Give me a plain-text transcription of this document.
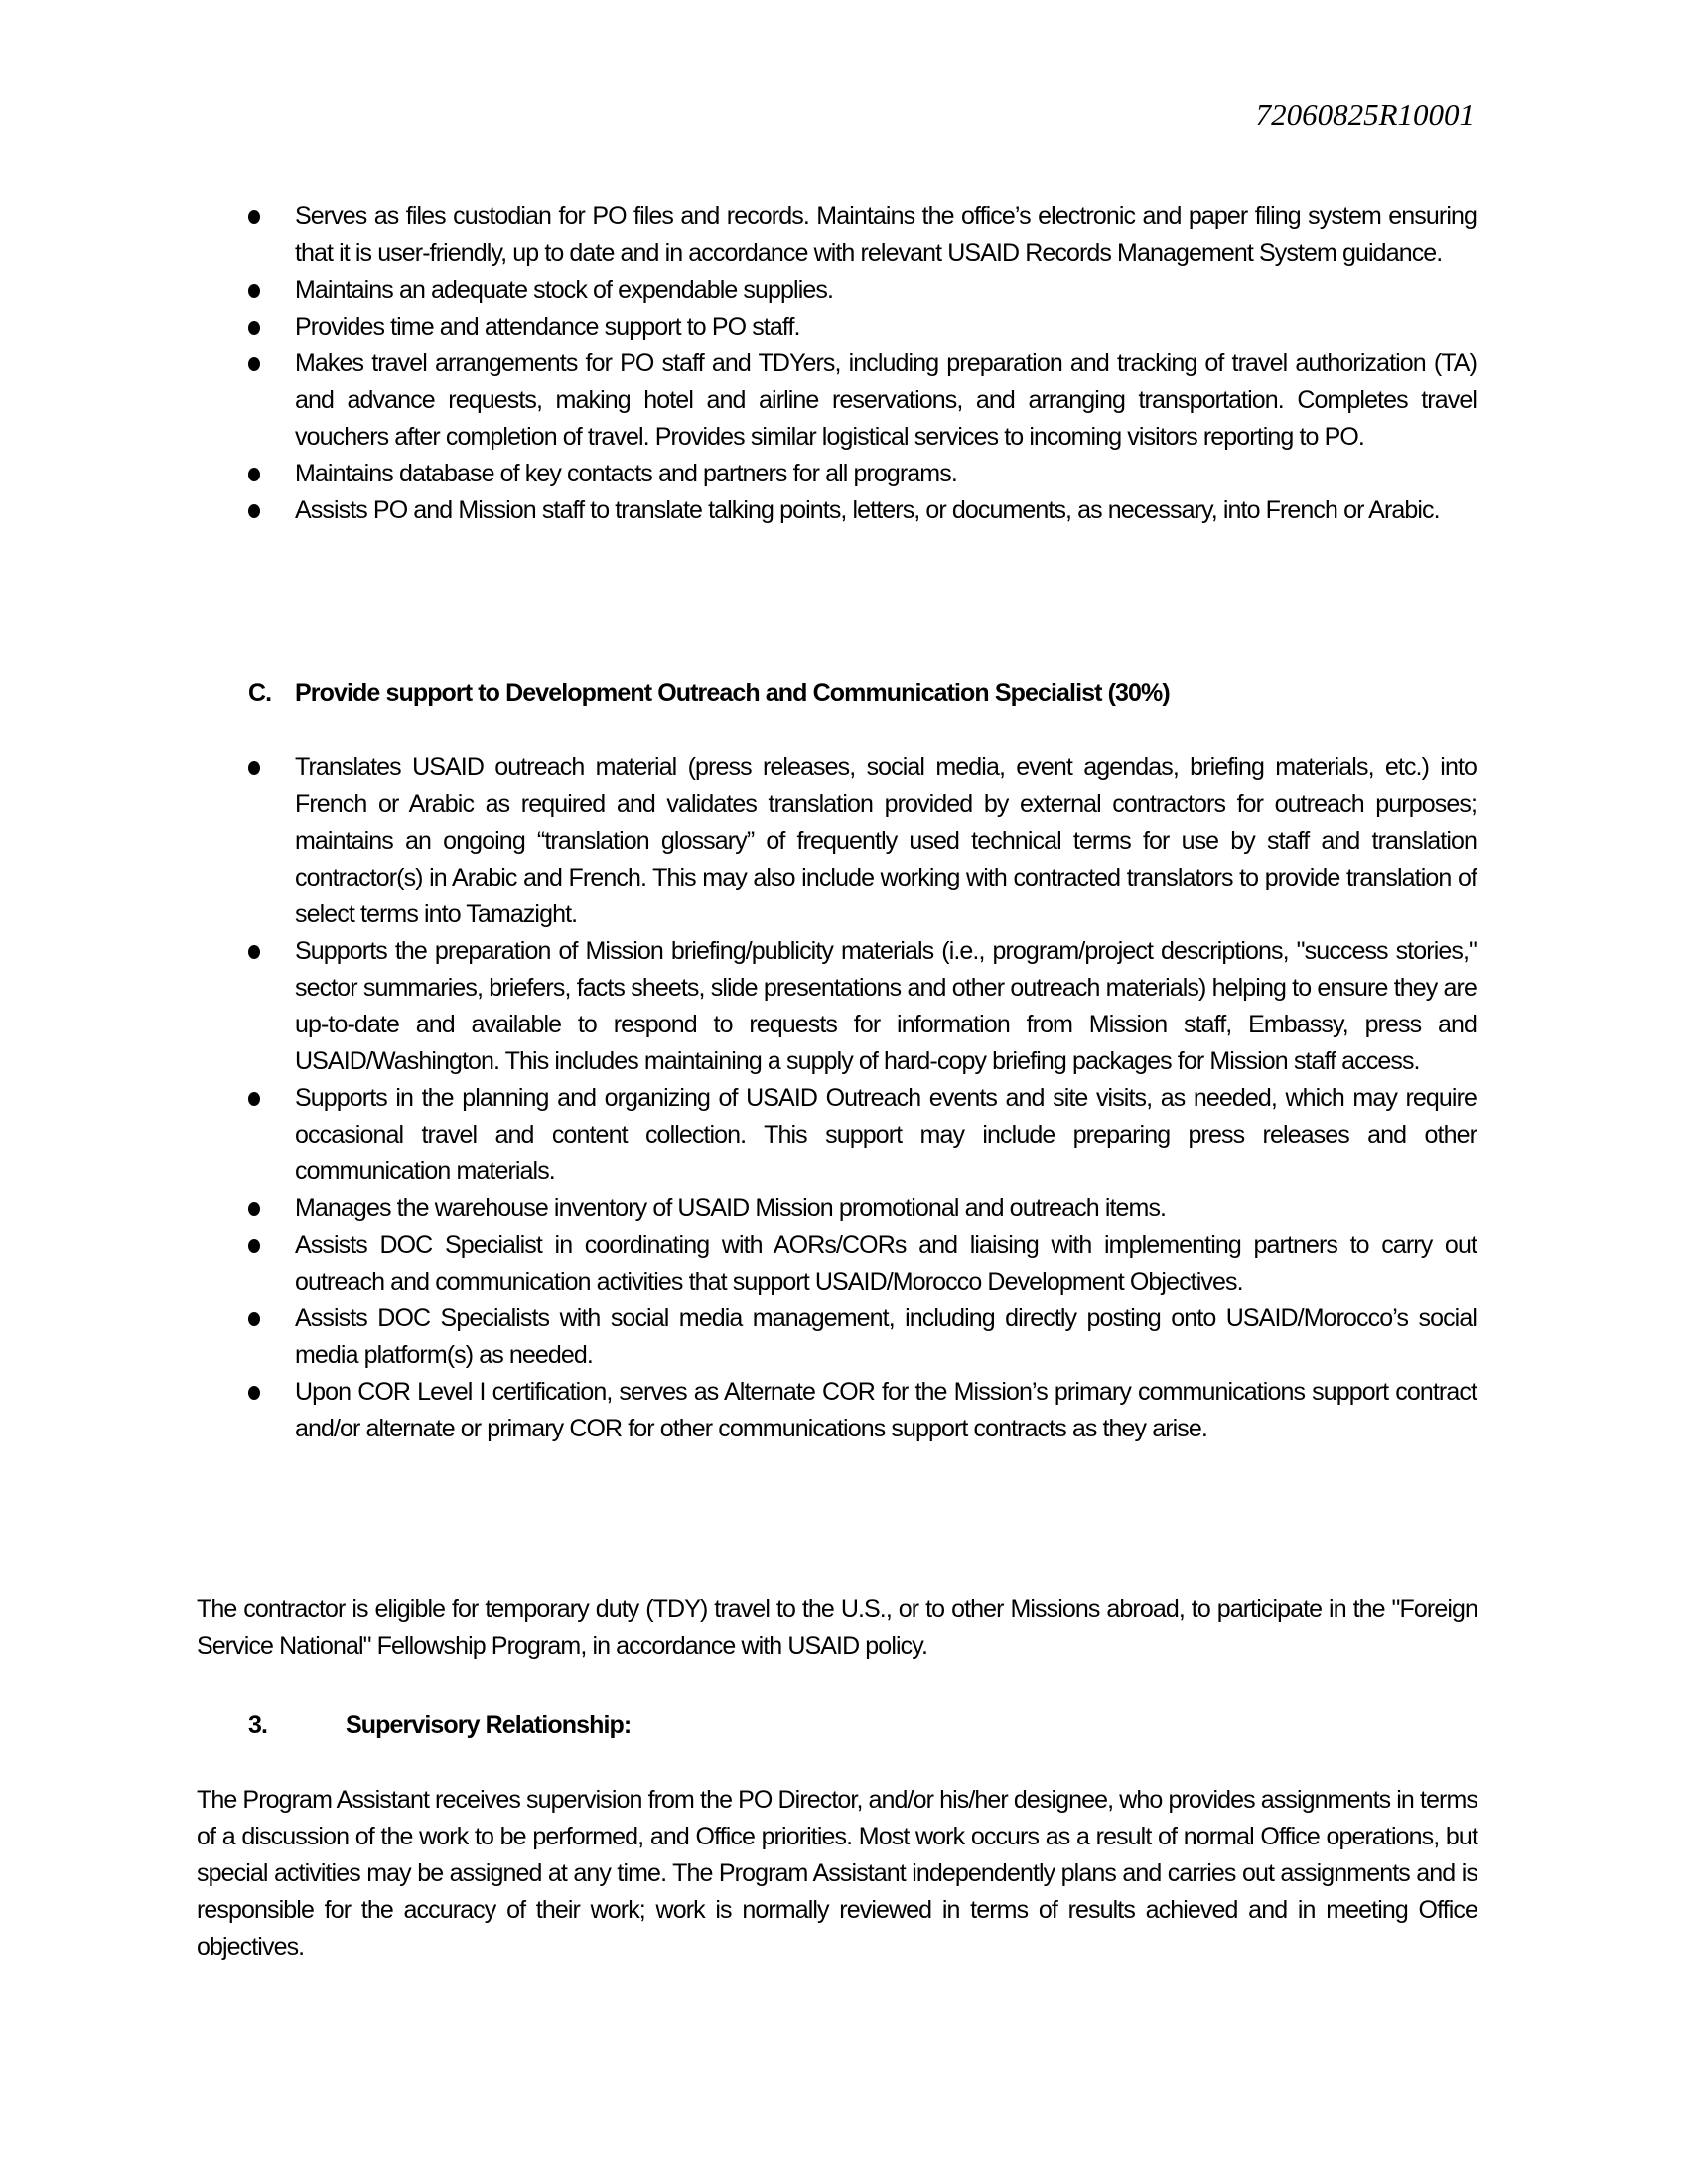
72060825R10001
Serves as files custodian for PO files and records. Maintains the office’s electronic and paper filing system ensuring that it is user-friendly, up to date and in accordance with relevant USAID Records Management System guidance.
Maintains an adequate stock of expendable supplies.
Provides time and attendance support to PO staff.
Makes travel arrangements for PO staff and TDYers, including preparation and tracking of travel authorization (TA) and advance requests, making hotel and airline reservations, and arranging transportation. Completes travel vouchers after completion of travel. Provides similar logistical services to incoming visitors reporting to PO.
Maintains database of key contacts and partners for all programs.
Assists PO and Mission staff to translate talking points, letters, or documents, as necessary, into French or Arabic.
C. Provide support to Development Outreach and Communication Specialist (30%)
Translates USAID outreach material (press releases, social media, event agendas, briefing materials, etc.) into French or Arabic as required and validates translation provided by external contractors for outreach purposes; maintains an ongoing “translation glossary” of frequently used technical terms for use by staff and translation contractor(s) in Arabic and French. This may also include working with contracted translators to provide translation of select terms into Tamazight.
Supports the preparation of Mission briefing/publicity materials (i.e., program/project descriptions, "success stories," sector summaries, briefers, facts sheets, slide presentations and other outreach materials) helping to ensure they are up-to-date and available to respond to requests for information from Mission staff, Embassy, press and USAID/Washington. This includes maintaining a supply of hard-copy briefing packages for Mission staff access.
Supports in the planning and organizing of USAID Outreach events and site visits, as needed, which may require occasional travel and content collection. This support may include preparing press releases and other communication materials.
Manages the warehouse inventory of USAID Mission promotional and outreach items.
Assists DOC Specialist in coordinating with AORs/CORs and liaising with implementing partners to carry out outreach and communication activities that support USAID/Morocco Development Objectives.
Assists DOC Specialists with social media management, including directly posting onto USAID/Morocco’s social media platform(s) as needed.
Upon COR Level I certification, serves as Alternate COR for the Mission’s primary communications support contract and/or alternate or primary COR for other communications support contracts as they arise.

The contractor is eligible for temporary duty (TDY) travel to the U.S., or to other Missions abroad, to participate in the "Foreign Service National" Fellowship Program, in accordance with USAID policy.

3.	Supervisory Relationship:

The Program Assistant receives supervision from the PO Director, and/or his/her designee, who provides assignments in terms of a discussion of the work to be performed, and Office priorities. Most work occurs as a result of normal Office operations, but special activities may be assigned at any time. The Program Assistant independently plans and carries out assignments and is responsible for the accuracy of their work; work is normally reviewed in terms of results achieved and in meeting Office objectives.
